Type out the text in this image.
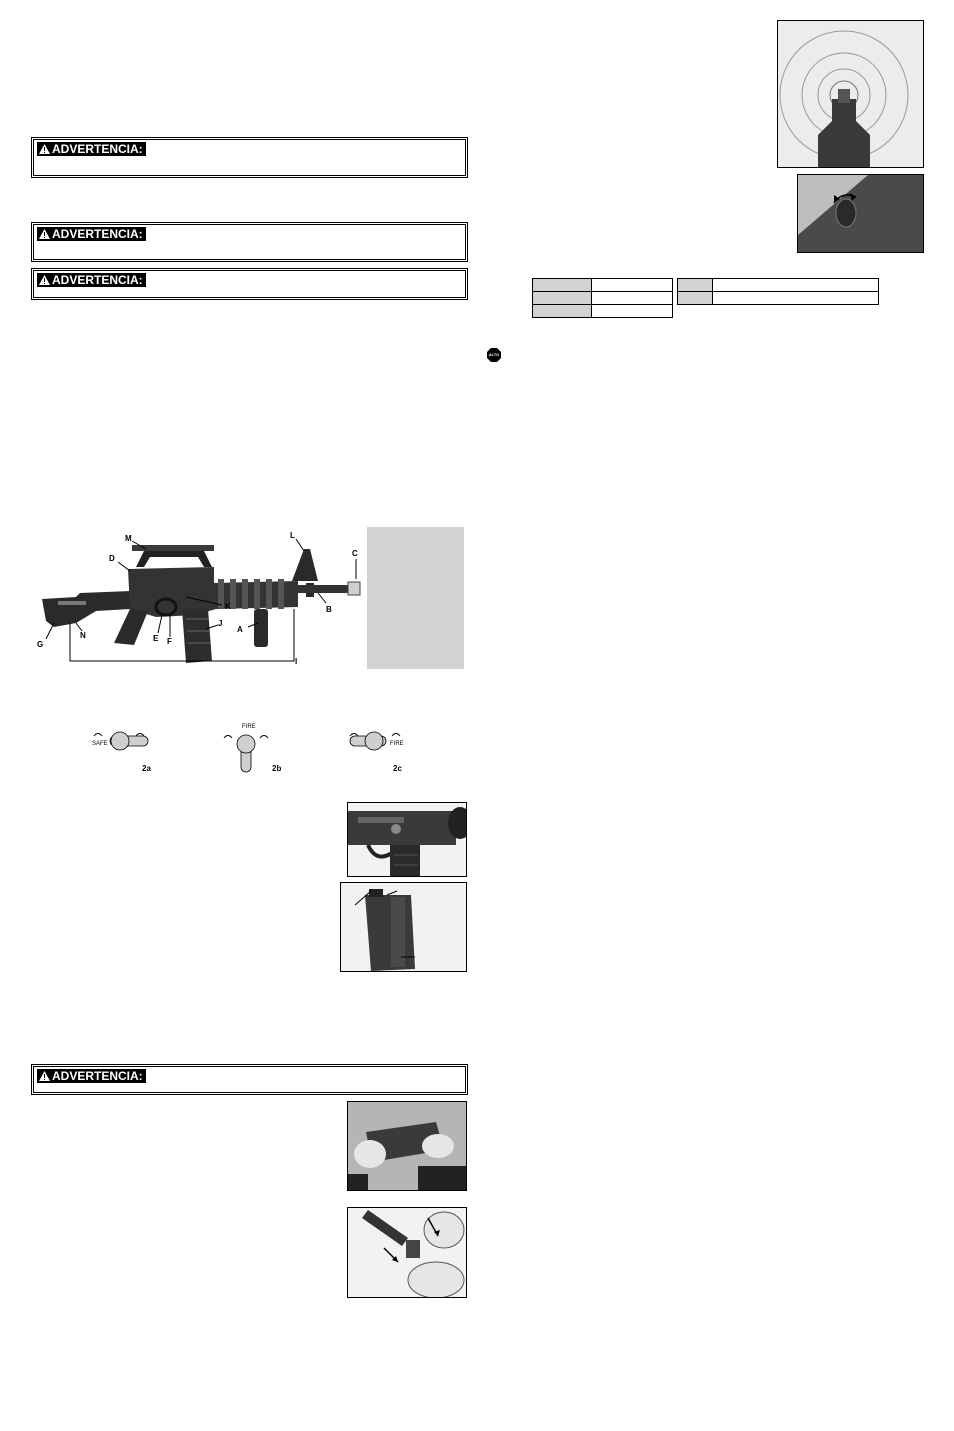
ADVERTENCIA:
ADVERTENCIA:
ADVERTENCIA:
ADVERTENCIA:
M
D
L
C
K	B
A
J
E F
G
N
I
SAFE
2a
FIRE
2b
FIRE
2c

ALTO
